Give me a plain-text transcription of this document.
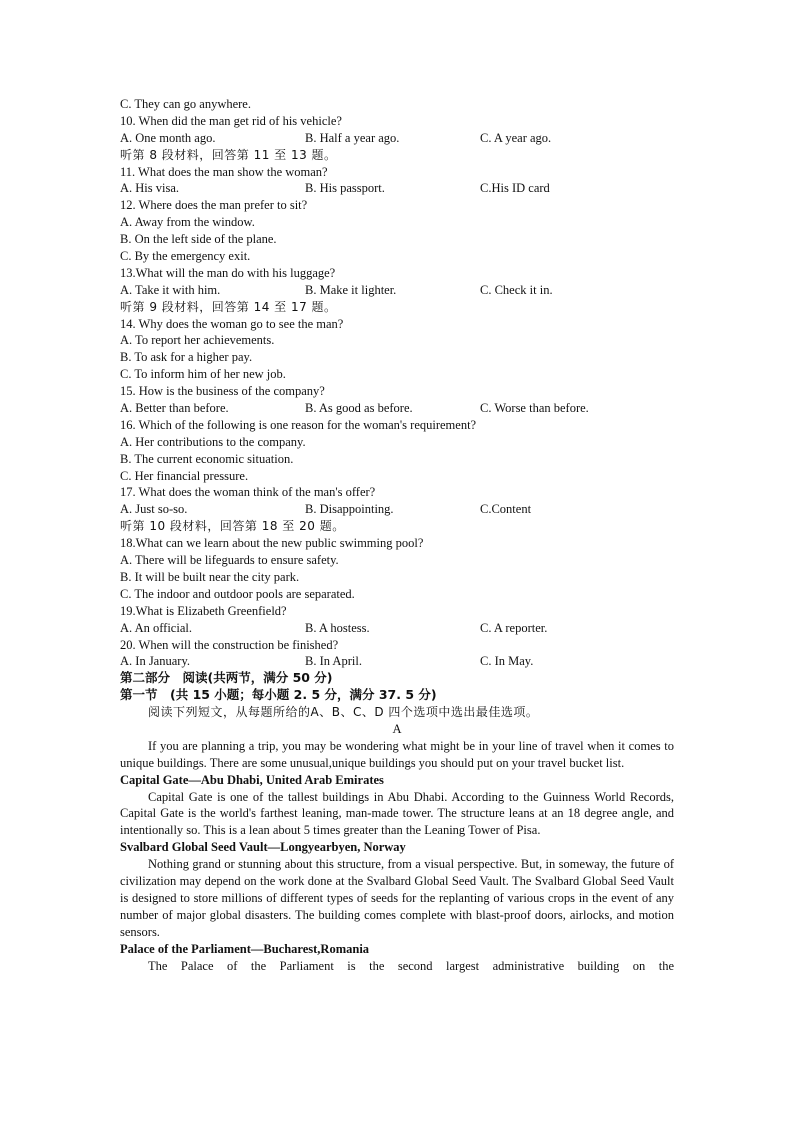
C. They can go anywhere.
10. When did the man get rid of his vehicle?
A. One month ago.	B. Half a year ago.	C. A year ago.
听第 8 段材料，回答第 11 至 13 题。
11. What does the man show the woman?
A. His visa.	B. His passport.	C.His ID card
12. Where does the man prefer to sit?
A. Away from the window.
B. On the left side of the plane.
C. By the emergency exit.
13.What will the man do with his luggage?
A. Take it with him.	B. Make it lighter.	C. Check it in.
听第 9 段材料，回答第 14 至 17 题。
14. Why does the woman go to see the man?
A. To report her achievements.
B. To ask for a higher pay.
C. To inform him of her new job.
15. How is the business of the company?
A. Better than before.	B. As good as before.	C. Worse than before.
16. Which of the following is one reason for the woman's requirement?
A. Her contributions to the company.
B. The current economic situation.
C. Her financial pressure.
17. What does the woman think of the man's offer?
A. Just so-so.	B. Disappointing.	C.Content
听第 10 段材料，回答第 18 至 20 题。
18.What can we learn about the new public swimming pool?
A. There will be lifeguards to ensure safety.
B. It will be built near the city park.
C. The indoor and outdoor pools are separated.
19.What is Elizabeth Greenfield?
A. An official.	B. A hostess.	C. A reporter.
20. When will the construction be finished?
A. In January.	B. In April.	C. In May.
第二部分　阅读(共两节，满分 50 分)
第一节　(共 15 小题；每小题 2. 5 分，满分 37. 5 分)
阅读下列短文，从每题所给的A、B、C、D 四个选项中选出最佳选项。
A
If you are planning a trip, you may be wondering what might be in your line of travel when it comes to unique buildings. There are some unusual,unique buildings you should put on your travel bucket list.
Capital Gate—Abu Dhabi, United Arab Emirates
Capital Gate is one of the tallest buildings in Abu Dhabi. According to the Guinness World Records, Capital Gate is the world's farthest leaning, man-made tower. The structure leans at an 18 degree angle, and intentionally so. This is a lean about 5 times greater than the Leaning Tower of Pisa.
Svalbard Global Seed Vault—Longyearbyen, Norway
Nothing grand or stunning about this structure, from a visual perspective. But, in someway, the future of civilization may depend on the work done at the Svalbard Global Seed Vault. The Svalbard Global Seed Vault is designed to store millions of different types of seeds for the replanting of various crops in the event of any number of major global disasters. The building comes complete with blast-proof doors, airlocks, and motion sensors.
Palace of the Parliament—Bucharest,Romania
The Palace of the Parliament is the second largest administrative building on the
